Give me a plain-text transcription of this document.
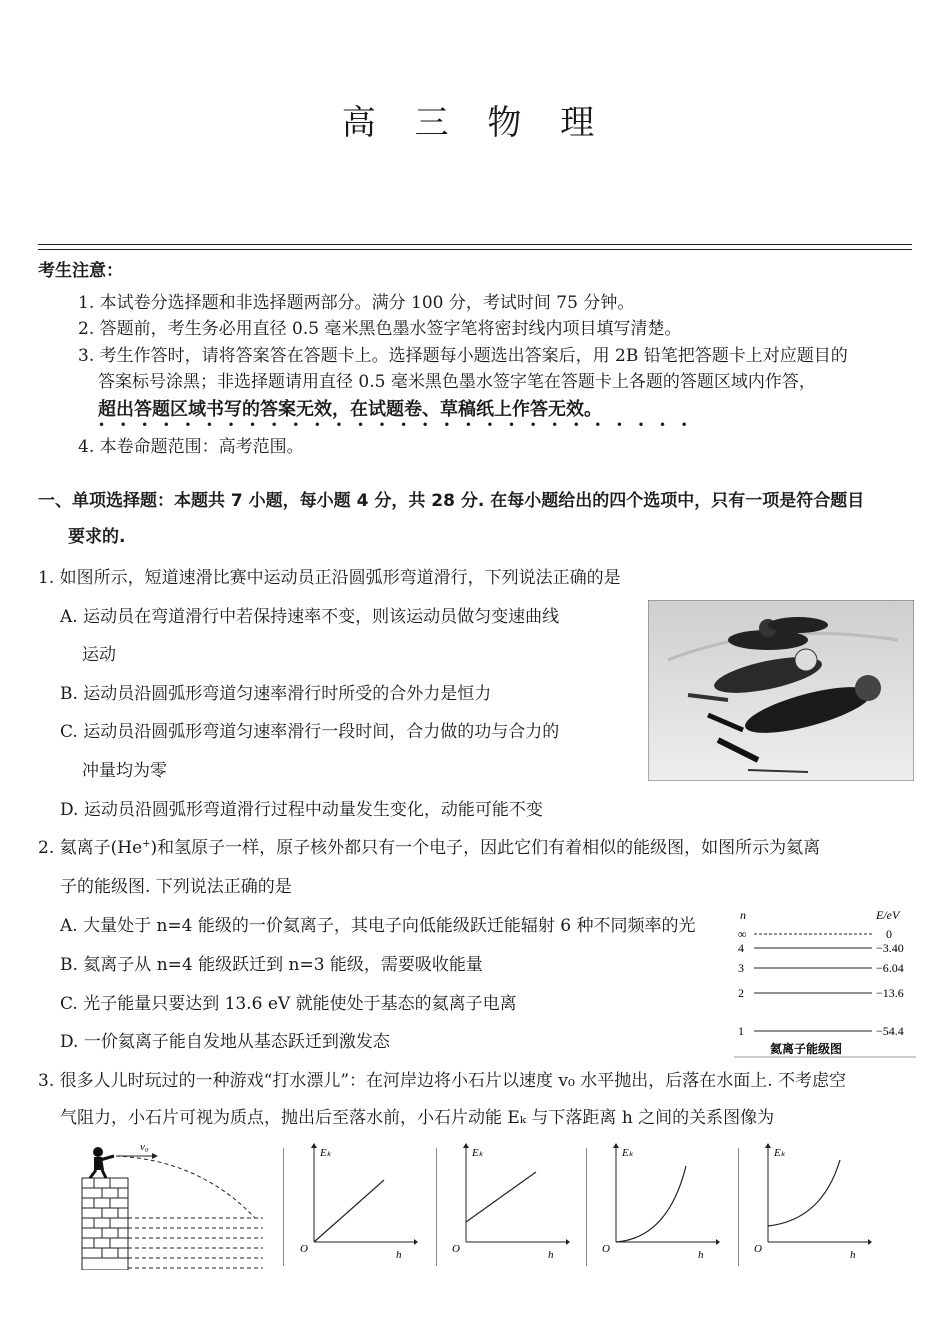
高 三 物 理
考生注意：
1. 本试卷分选择题和非选择题两部分。满分 100 分，考试时间 75 分钟。
2. 答题前，考生务必用直径 0.5 毫米黑色墨水签字笔将密封线内项目填写清楚。
3. 考生作答时，请将答案答在答题卡上。选择题每小题选出答案后，用 2B 铅笔把答题卡上对应题目的
答案标号涂黑；非选择题请用直径 0.5 毫米黑色墨水签字笔在答题卡上各题的答题区域内作答，
超出答题区域书写的答案无效，在试题卷、草稿纸上作答无效。
••••••••••••••••••••••••••••
4. 本卷命题范围：高考范围。
一、单项选择题：本题共 7 小题，每小题 4 分，共 28 分. 在每小题给出的四个选项中，只有一项是符合题目
要求的.
1. 如图所示，短道速滑比赛中运动员正沿圆弧形弯道滑行，下列说法正确的是
A. 运动员在弯道滑行中若保持速率不变，则该运动员做匀变速曲线
运动
B. 运动员沿圆弧形弯道匀速率滑行时所受的合外力是恒力
C. 运动员沿圆弧形弯道匀速率滑行一段时间，合力做的功与合力的
冲量均为零
D. 运动员沿圆弧形弯道滑行过程中动量发生变化，动能可能不变
2. 氦离子(He+)和氢原子一样，原子核外都只有一个电子，因此它们有着相似的能级图，如图所示为氦离
子的能级图. 下列说法正确的是
A. 大量处于 n=4 能级的一价氦离子，其电子向低能级跃迁能辐射 6 种不同频率的光
B. 氦离子从 n=4 能级跃迁到 n=3 能级，需要吸收能量
C. 光子能量只要达到 13.6 eV 就能使处于基态的氦离子电离
D. 一价氦离子能自发地从基态跃迁到激发态
n	E/eV
∞	0
4	−3.40
3	−6.04
2	−13.6
1	−54.4
氦离子能级图
3. 很多人儿时玩过的一种游戏“打水漂儿”：在河岸边将小石片以速度 v₀ 水平抛出，后落在水面上. 不考虑空
气阻力，小石片可视为质点，抛出后至落水前，小石片动能 Eₖ 与下落距离 h 之间的关系图像为
v₀	Eₖ
O	h
Eₖ
O	h
Eₖ
O	h
Eₖ
O	h
